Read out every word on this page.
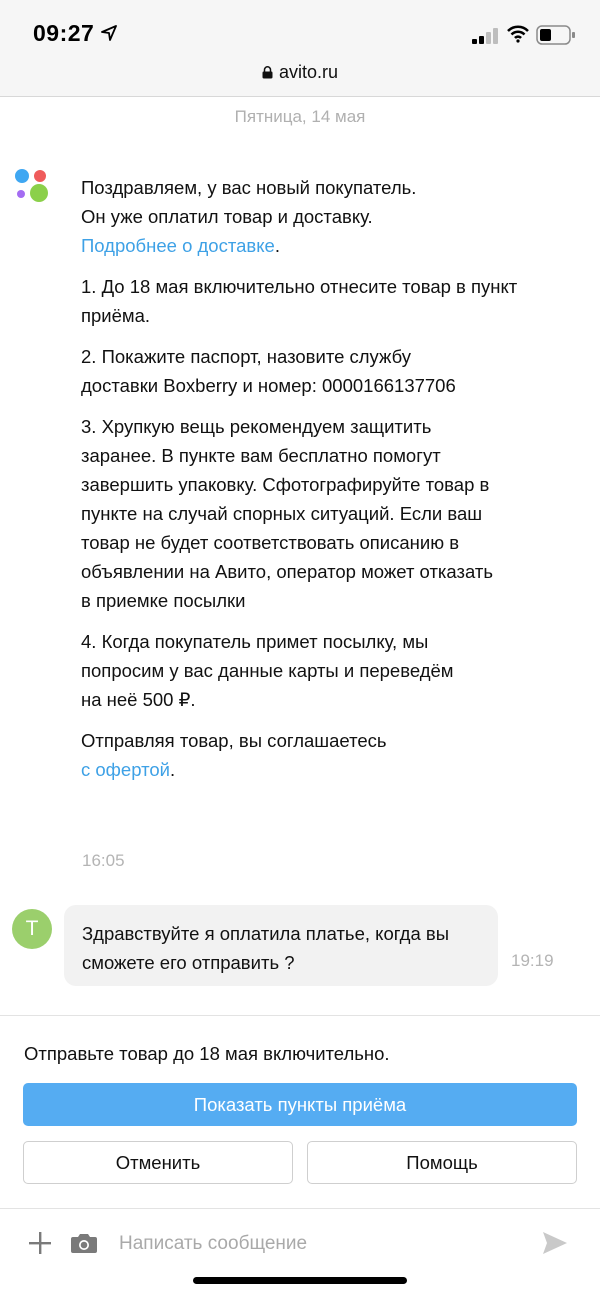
09:27
avito.ru
Пятница, 14 мая

Поздравляем, у вас новый покупатель.
Он уже оплатил товар и доставку.
Подробнее о доставке.

1. До 18 мая включительно отнесите товар в пункт приёма.

2. Покажите паспорт, назовите службу доставки Boxberry и номер: 0000166137706

3. Хрупкую вещь рекомендуем защитить заранее. В пункте вам бесплатно помогут завершить упаковку. Сфотографируйте товар в пункте на случай спорных ситуаций. Если ваш товар не будет соответствовать описанию в объявлении на Авито, оператор может отказать в приемке посылки

4. Когда покупатель примет посылку, мы попросим у вас данные карты и переведём на неё 500 ₽.

Отправляя товар, вы соглашаетесь
с офертой.

16:05
Т	Здравствуйте я оплатила платье, когда вы сможете его отправить ?	19:19
Отправьте товар до 18 мая включительно.
Показать пункты приёма
Отменить	Помощь
Написать сообщение
